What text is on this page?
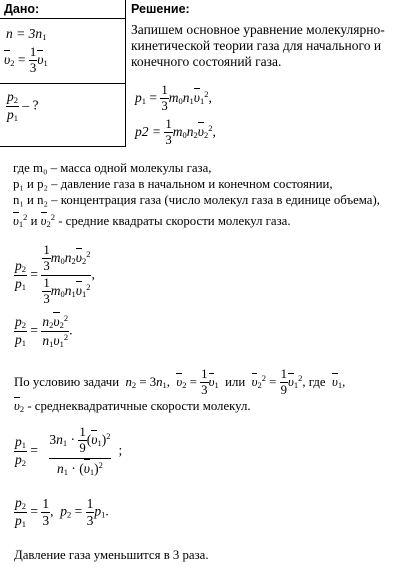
Дано:	Решение:
$n = 3n_1$
$\upsilon_2 = \frac{1}{3} \upsilon_1$
$\frac{p_2}{p_1}$ – ?
Запишем основное уравнение молекулярно-
кинетической теории газа для начального и
конечного состояний газа.
$p_1 = \frac{1}{3} m_0n_1\upsilon_1^2$,
$p2 = \frac{1}{3} m_0n_2\upsilon_2^2$,
где m₀ – масса одной молекулы газа,
p₁ и p₂ – давление газа в начальном и конечном состоянии,
n₁ и n₂ – концентрация газа (число молекул газа в единице объема),
$\upsilon_1^2$ и $\upsilon_2^2$ - средние квадраты скорости молекул газа.
$\frac{p_2}{p_1} = \frac{\frac{1}{3} m_0n_2\upsilon_2^2}{\frac{1}{3} m_0n_1\upsilon_1^2}$ ,
$\frac{p_2}{p_1} = \frac{n_2\upsilon_2^2}{n_1\upsilon_1^2}$ .
По условию задачи $n_2 = 3n_1$,  $\upsilon_2 = \frac{1}{3} \upsilon_1$ или $\upsilon_2^2 = \frac{1}{9} \upsilon_1^2$, где $\upsilon_1$,
$\upsilon_2$ - среднеквадратичные скорости молекул.
$\frac{p_1}{p_2} = \frac{3n_1 \cdot \frac{1}{9} (\upsilon_1)^2}{n_1 \cdot (\upsilon_1)^2}$ ;
$\frac{p_2}{p_1} = \frac{1}{3}$ ,  $p_2 = \frac{1}{3} p_1$.
Давление газа уменьшится в 3 раза.
